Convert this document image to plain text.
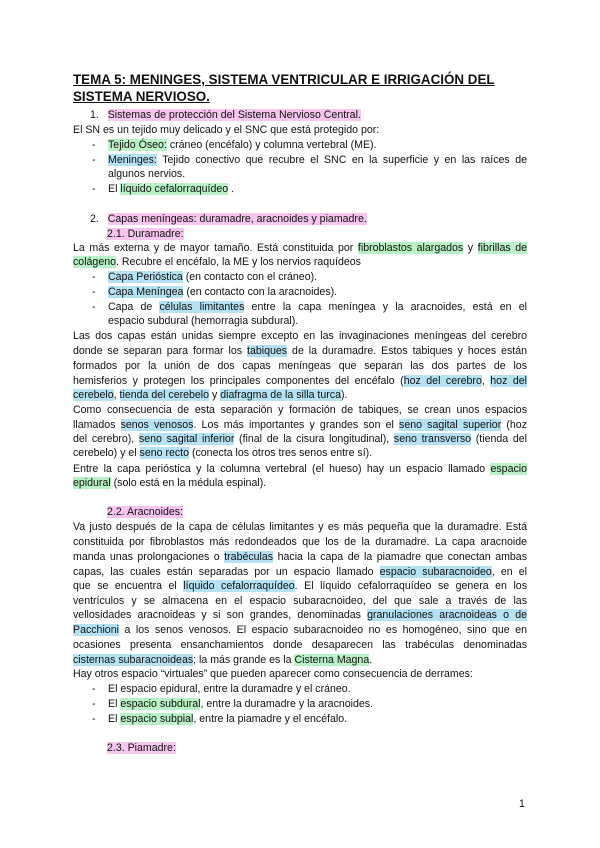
TEMA 5: MENINGES, SISTEMA VENTRICULAR E IRRIGACIÓN DEL
SISTEMA NERVIOSO.
1. Sistemas de protección del Sistema Nervioso Central.
El SN es un tejido muy delicado y el SNC que está protegido por:
- Tejido Óseo: cráneo (encéfalo) y columna vertebral (ME).
- Meninges: Tejido conectivo que recubre el SNC en la superficie y en las raíces de
algunos nervios.
- El líquido cefalorraquídeo .
2. Capas meníngeas: duramadre, aracnoides y piamadre.
2.1. Duramadre:
La más externa y de mayor tamaño. Está constituida por fibroblastos alargados y fibrillas de
colágeno. Recubre el encéfalo, la ME y los nervios raquídeos
- Capa Perióstica (en contacto con el cráneo).
- Capa Meníngea (en contacto con la aracnoides).
- Capa de células limitantes entre la capa meníngea y la aracnoides, está en el
espacio subdural (hemorragia subdural).
Las dos capas están unidas siempre excepto en las invaginaciones meníngeas del cerebro
donde se separan para formar los tabiques de la duramadre. Estos tabiques y hoces están
formados por la unión de dos capas meníngeas que separan las dos partes de los
hemisferios y protegen los principales componentes del encéfalo (hoz del cerebro, hoz del
cerebelo, tienda del cerebelo y diafragma de la silla turca).
Como consecuencia de esta separación y formación de tabiques, se crean unos espacios
llamados senos venosos. Los más importantes y grandes son el seno sagital superior (hoz
del cerebro), seno sagital inferior (final de la cisura longitudinal), seno transverso (tienda del
cerebelo) y el seno recto (conecta los otros tres senos entre sí).
Entre la capa perióstica y la columna vertebral (el hueso) hay un espacio llamado espacio
epidural (solo está en la médula espinal).
2.2. Aracnoides:
Va justo después de la capa de células limitantes y es más pequeña que la duramadre. Está
constituida por fibroblastos más redondeados que los de la duramadre. La capa aracnoide
manda unas prolongaciones o trabéculas hacia la capa de la piamadre que conectan ambas
capas, las cuales están separadas por un espacio llamado espacio subaracnoideo, en el
que se encuentra el líquido cefalorraquídeo. El líquido cefalorraquídeo se genera en los
ventrículos y se almacena en el espacio subaracnoideo, del que sale a través de las
vellosidades aracnoideas y si son grandes, denominadas granulaciones aracnoideas o de
Pacchioni a los senos venosos. El espacio subaracnoideo no es homogéneo, sino que en
ocasiones presenta ensanchamientos donde desaparecen las trabéculas denominadas
cisternas subaracnoideas; la más grande es la Cisterna Magna.
Hay otros espacio “virtuales” que pueden aparecer como consecuencia de derrames:
- El espacio epidural, entre la duramadre y el cráneo.
- El espacio subdural, entre la duramadre y la aracnoides.
- El espacio subpial, entre la piamadre y el encéfalo.
2.3. Piamadre:
1
